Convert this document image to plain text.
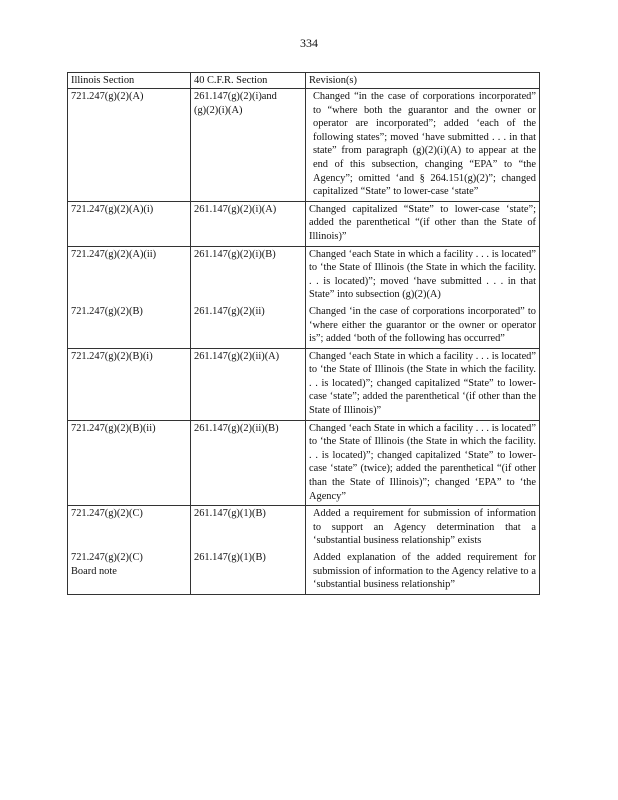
334
Illinois Section	40 C.F.R. Section	Revision(s)
721.247(g)(2)(A)	261.147(g)(2)(i)and (g)(2)(i)(A)	Changed “in the case of corporations incorporated” to “where both the guarantor and the owner or operator are incorporated”; added ‘each of the following states”; moved ‘have submitted . . . in that state” from paragraph (g)(2)(i)(A) to appear at the end of this subsection, changing “EPA” to “the Agency”; omitted ‘and § 264.151(g)(2)”; changed capitalized “State” to lower-case ‘state”

721.247(g)(2)(A)(i)	261.147(g)(2)(i)(A)	Changed capitalized “State” to lower-case ‘state”; added the parenthetical “(if other than the State of Illinois)”

721.247(g)(2)(A)(ii)	261.147(g)(2)(i)(B)	Changed ‘each State in which a facility . . . is located” to ‘the State of Illinois (the State in which the facility. . . is located)”; moved ‘have submitted . . . in that State” into subsection (g)(2)(A)

721.247(g)(2)(B)	261.147(g)(2)(ii)	Changed ‘in the case of corporations incorporated” to ‘where either the guarantor or the owner or operator is”; added ‘both of the following has occurred”

721.247(g)(2)(B)(i)	261.147(g)(2)(ii)(A)	Changed ‘each State in which a facility . . . is located” to ‘the State of Illinois (the State in which the facility. . . is located)”; changed capitalized “State” to lower-case ‘state”; added the parenthetical ‘(if other than the State of Illinois)”

721.247(g)(2)(B)(ii)	261.147(g)(2)(ii)(B)	Changed ‘each State in which a facility . . . is located” to ‘the State of Illinois (the State in which the facility. . . is located)”; changed capitalized ‘State” to lower-case ‘state” (twice); added the parenthetical “(if other than the State of Illinois)”; changed ‘EPA” to ‘the Agency”

721.247(g)(2)(C)	261.147(g)(1)(B)	Added a requirement for submission of information to support an Agency determination that a ‘substantial business relationship” exists

721.247(g)(2)(C) Board note	261.147(g)(1)(B)	Added explanation of the added requirement for submission of information to the Agency relative to a ‘substantial business relationship”
